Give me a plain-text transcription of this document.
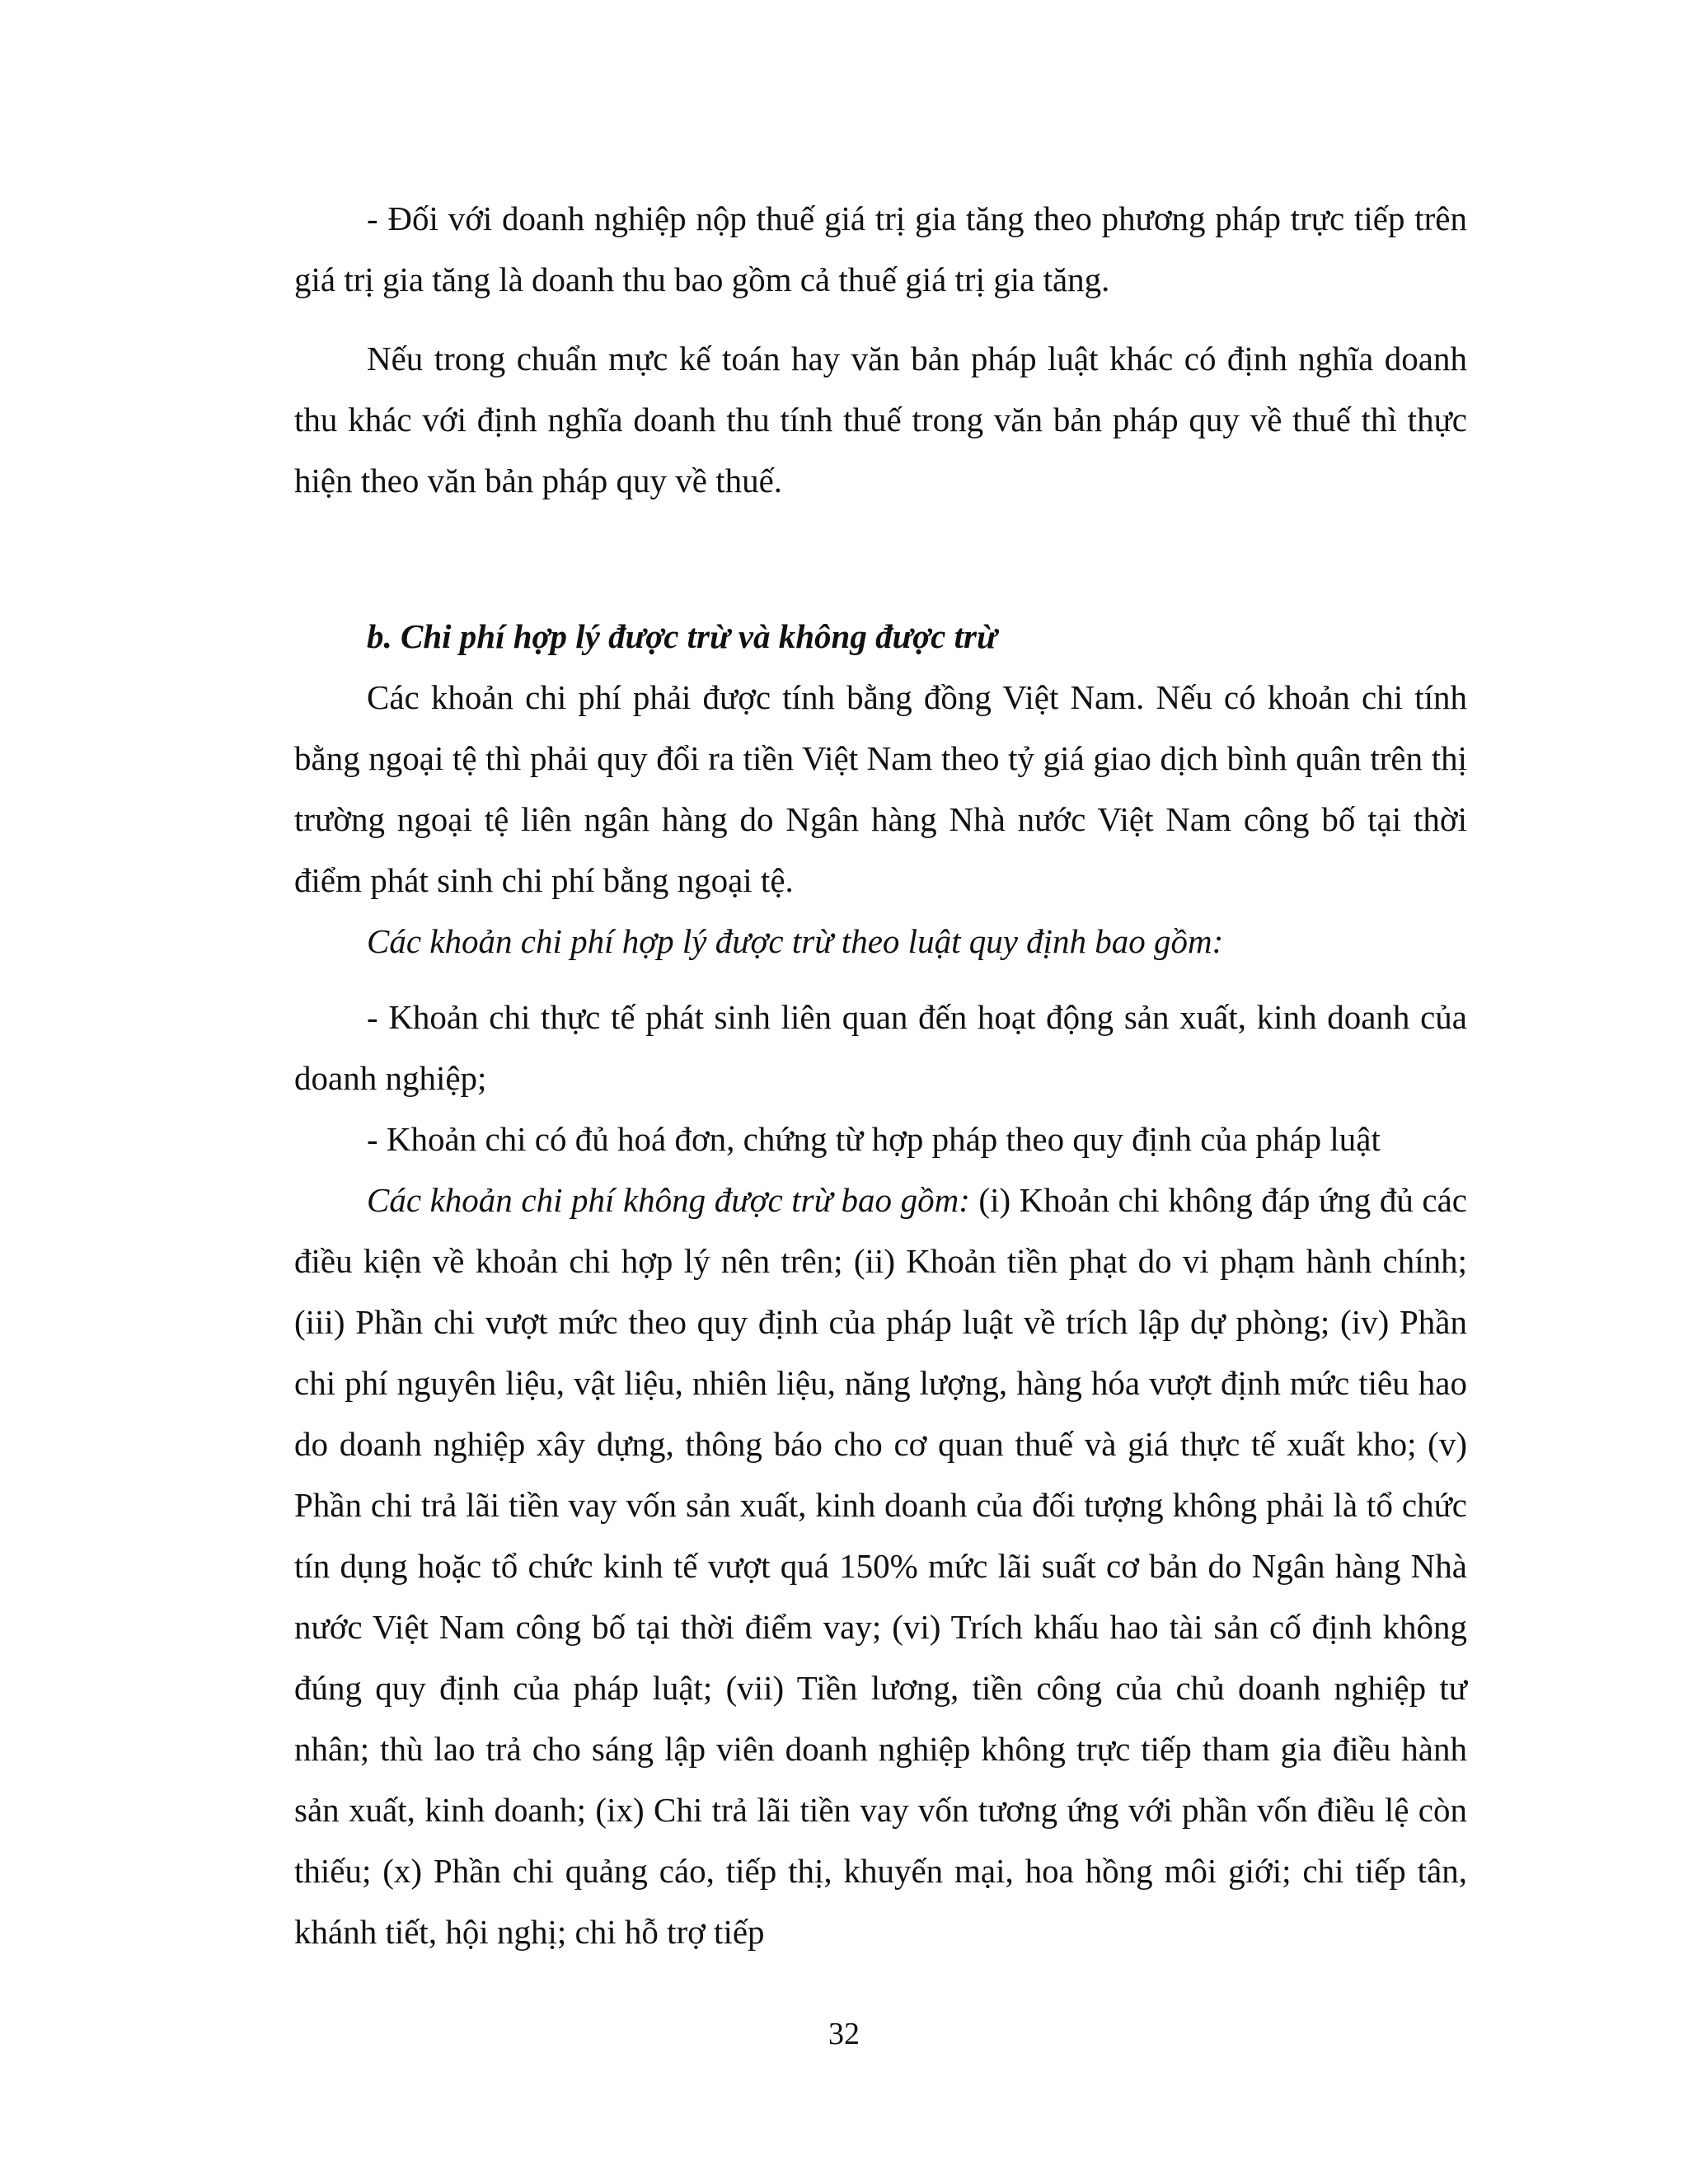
- Đối với doanh nghiệp nộp thuế giá trị gia tăng theo phương pháp trực tiếp trên giá trị gia tăng là doanh thu bao gồm cả thuế giá trị gia tăng.

Nếu trong chuẩn mực kế toán hay văn bản pháp luật khác có định nghĩa doanh thu khác với định nghĩa doanh thu tính thuế trong văn bản pháp quy về thuế thì thực hiện theo văn bản pháp quy về thuế.

b. Chi phí hợp lý được trừ và không được trừ

Các khoản chi phí phải được tính bằng đồng Việt Nam. Nếu có khoản chi tính bằng ngoại tệ thì phải quy đổi ra tiền Việt Nam theo tỷ giá giao dịch bình quân trên thị trường ngoại tệ liên ngân hàng do Ngân hàng Nhà nước Việt Nam công bố tại thời điểm phát sinh chi phí bằng ngoại tệ.

Các khoản chi phí hợp lý được trừ theo luật quy định bao gồm:

- Khoản chi thực tế phát sinh liên quan đến hoạt động sản xuất, kinh doanh của doanh nghiệp;

- Khoản chi có đủ hoá đơn, chứng từ hợp pháp theo quy định của pháp luật

Các khoản chi phí không được trừ bao gồm: (i) Khoản chi không đáp ứng đủ các điều kiện về khoản chi hợp lý nên trên; (ii) Khoản tiền phạt do vi phạm hành chính; (iii) Phần chi vượt mức theo quy định của pháp luật về trích lập dự phòng; (iv) Phần chi phí nguyên liệu, vật liệu, nhiên liệu, năng lượng, hàng hóa vượt định mức tiêu hao do doanh nghiệp xây dựng, thông báo cho cơ quan thuế và giá thực tế xuất kho; (v) Phần chi trả lãi tiền vay vốn sản xuất, kinh doanh của đối tượng không phải là tổ chức tín dụng hoặc tổ chức kinh tế vượt quá 150% mức lãi suất cơ bản do Ngân hàng Nhà nước Việt Nam công bố tại thời điểm vay; (vi) Trích khấu hao tài sản cố định không đúng quy định của pháp luật; (vii) Tiền lương, tiền công của chủ doanh nghiệp tư nhân; thù lao trả cho sáng lập viên doanh nghiệp không trực tiếp tham gia điều hành sản xuất, kinh doanh; (ix) Chi trả lãi tiền vay vốn tương ứng với phần vốn điều lệ còn thiếu; (x) Phần chi quảng cáo, tiếp thị, khuyến mại, hoa hồng môi giới; chi tiếp tân, khánh tiết, hội nghị; chi hỗ trợ tiếp

32
